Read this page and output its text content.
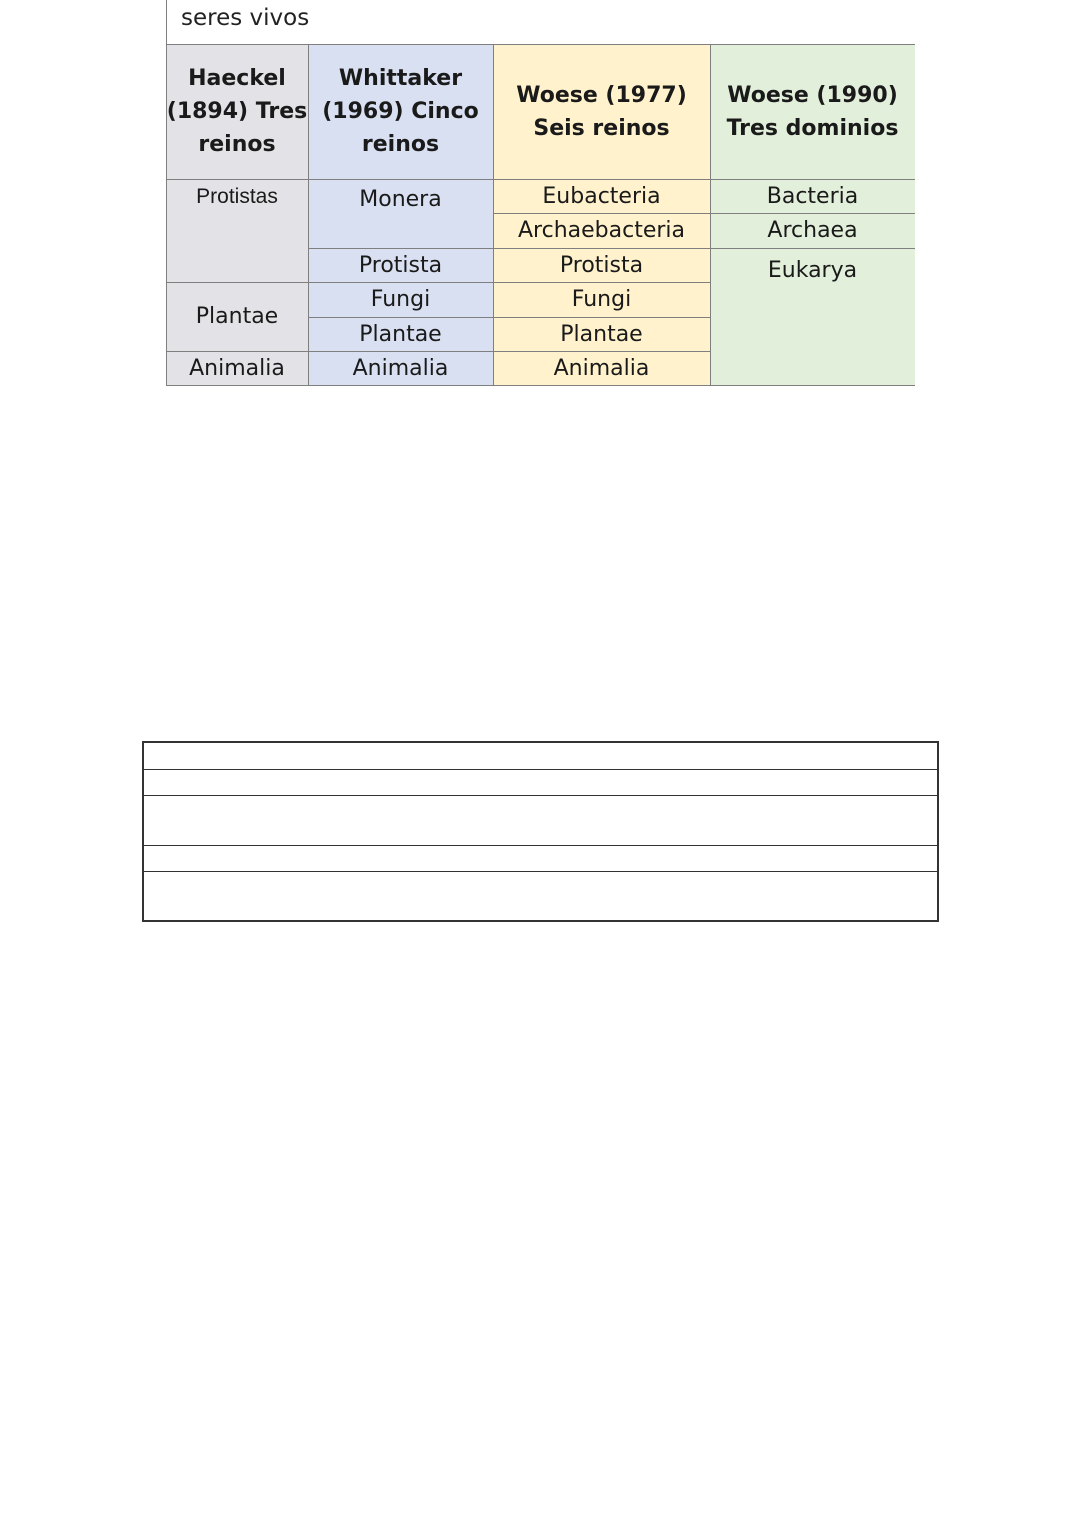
seres vivos
Haeckel (1894) Tres reinos
Whittaker (1969) Cinco reinos
Woese (1977) Seis reinos
Woese (1990) Tres dominios
Protistas
Plantae
Animalia
Monera
Protista
Fungi
Plantae
Animalia
Eubacteria
Archaebacteria
Protista
Fungi
Plantae
Animalia
Bacteria
Archaea
Eukarya
